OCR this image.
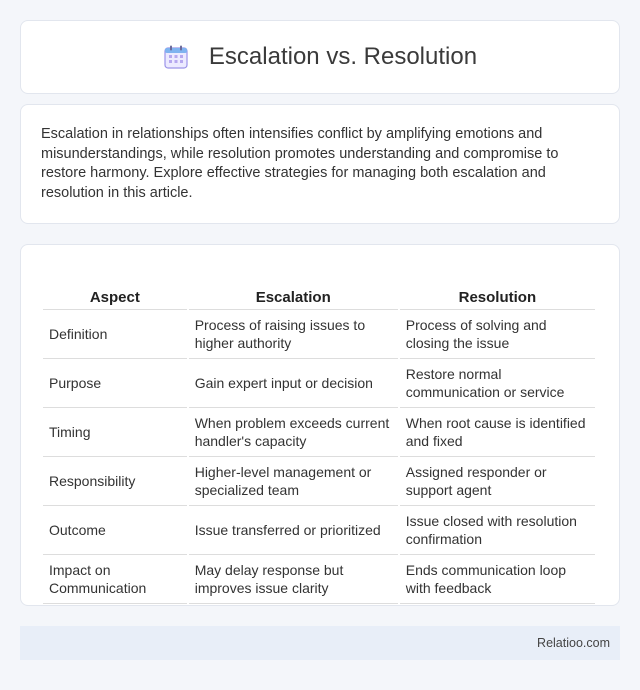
Escalation vs. Resolution

Escalation in relationships often intensifies conflict by amplifying emotions and misunderstandings, while resolution promotes understanding and compromise to restore harmony. Explore effective strategies for managing both escalation and resolution in this article.

Aspect	Escalation	Resolution
Definition	Process of raising issues to higher authority	Process of solving and closing the issue
Purpose	Gain expert input or decision	Restore normal communication or service
Timing	When problem exceeds current handler's capacity	When root cause is identified and fixed
Responsibility	Higher-level management or specialized team	Assigned responder or support agent
Outcome	Issue transferred or prioritized	Issue closed with resolution confirmation
Impact on Communication	May delay response but improves issue clarity	Ends communication loop with feedback
Relatioo.com
